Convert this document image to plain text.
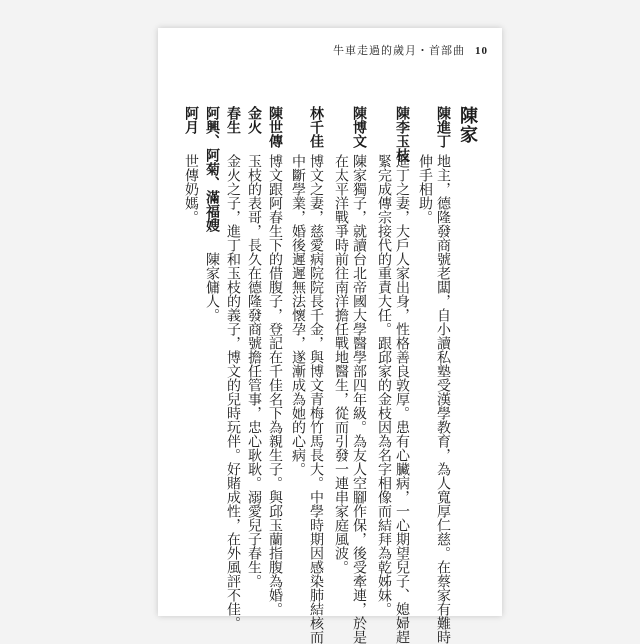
牛車走過的歲月・首部曲 10
陳家
陳進丁
地主，德隆發商號老闆，自小讀私塾受漢學教育，為人寬厚仁慈。在蔡家有難時
伸手相助。
陳李玉枝
進丁之妻，大戶人家出身，性格善良敦厚。患有心臟病，一心期望兒子、媳婦趕
緊完成傳宗接代的重責大任。跟邱家的金枝因為名字相像而結拜為乾姊妹。
陳博文
陳家獨子，就讀台北帝國大學醫學部四年級。為友人空腳作保，後受牽連，於是
在太平洋戰爭時前往南洋擔任戰地醫生，從而引發一連串家庭風波。
林千佳
博文之妻，慈愛病院院長千金，與博文青梅竹馬長大。中學時期因感染肺結核而
中斷學業，婚後遲遲無法懷孕，遂漸成為她的心病。
陳世傳
博文跟阿春生下的借腹子，登記在千佳名下為親生子。與邱玉蘭指腹為婚。
金火
玉枝的表哥，長久在德隆發商號擔任管事，忠心耿耿。溺愛兒子春生。
春生
金火之子，進丁和玉枝的義子，博文的兒時玩伴。好賭成性，在外風評不佳。
阿興、阿菊、滿福嫂
陳家傭人。
阿月
世傳奶媽。
